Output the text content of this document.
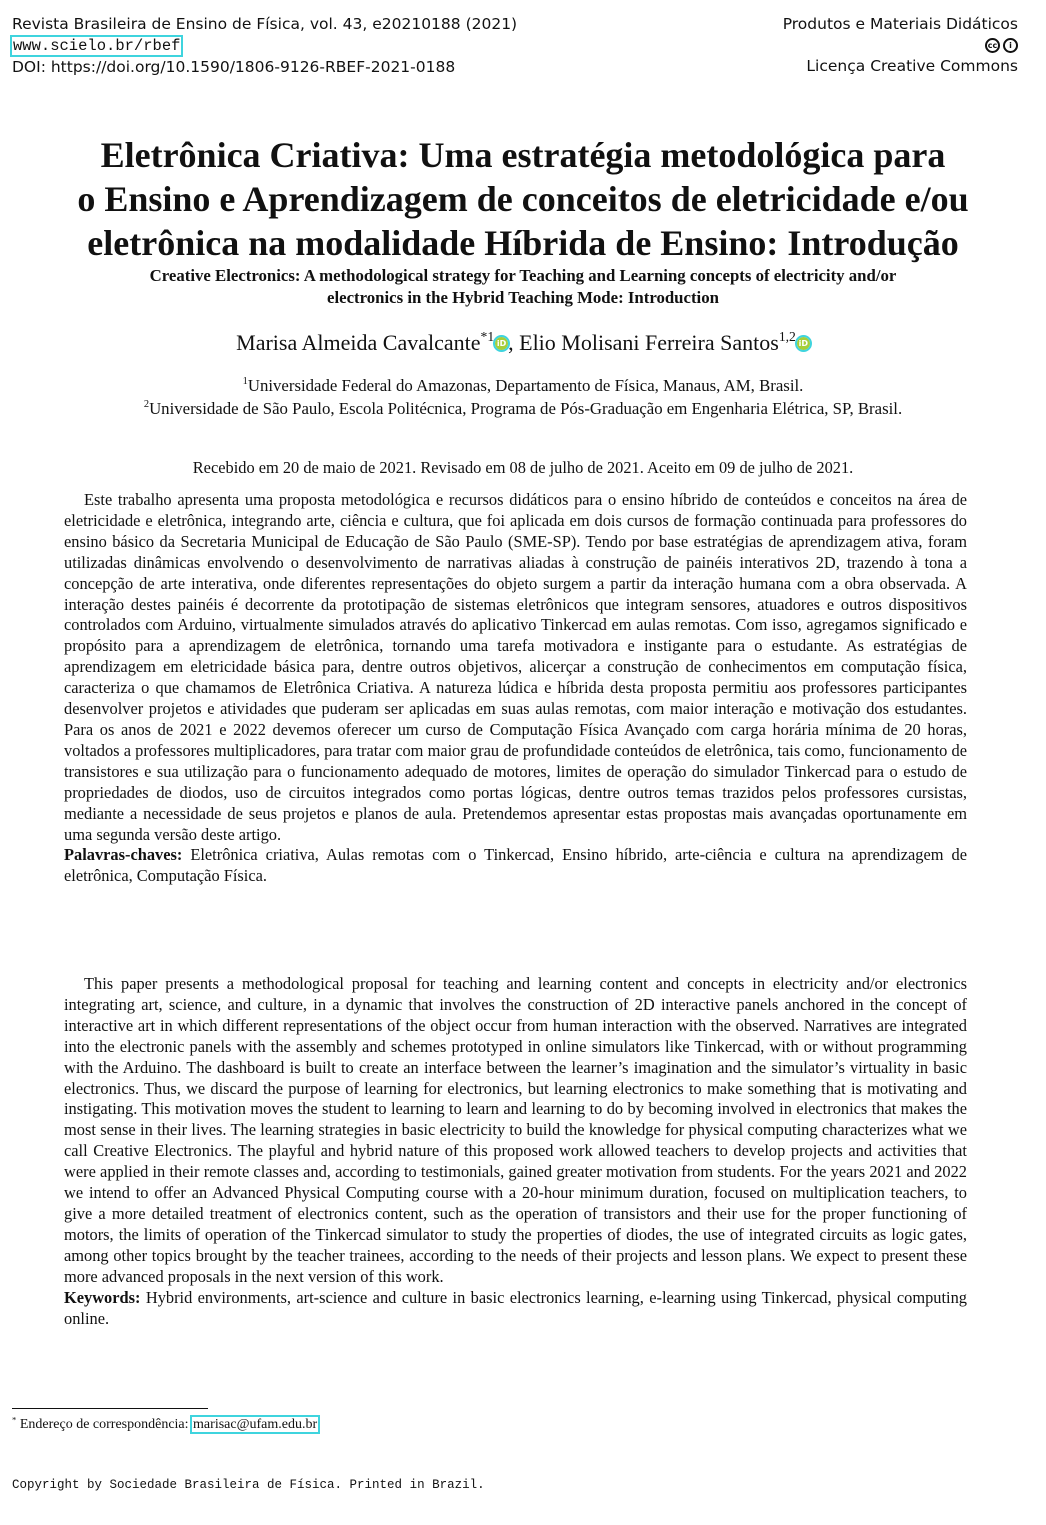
Revista Brasileira de Ensino de Física, vol. 43, e20210188 (2021)
www.scielo.br/rbef
DOI: https://doi.org/10.1590/1806-9126-RBEF-2021-0188
Produtos e Materiais Didáticos
cc	i
Licença Creative Commons
Eletrônica Criativa: Uma estratégia metodológica para
o Ensino e Aprendizagem de conceitos de eletricidade e/ou
eletrônica na modalidade Híbrida de Ensino: Introdução
Creative Electronics: A methodological strategy for Teaching and Learning concepts of electricity and/or
electronics in the Hybrid Teaching Mode: Introduction
Marisa Almeida Cavalcante$^{*1}$ iD, Elio Molisani Ferreira Santos$^{1,2}$ iD
$^1$Universidade Federal do Amazonas, Departamento de Física, Manaus, AM, Brasil.
$^2$Universidade de São Paulo, Escola Politécnica, Programa de Pós-Graduação em Engenharia Elétrica, SP, Brasil.
Recebido em 20 de maio de 2021. Revisado em 08 de julho de 2021. Aceito em 09 de julho de 2021.

Este trabalho apresenta uma proposta metodológica e recursos didáticos para o ensino híbrido de conteúdos e conceitos na área de eletricidade e eletrônica, integrando arte, ciência e cultura, que foi aplicada em dois cursos de formação continuada para professores do ensino básico da Secretaria Municipal de Educação de São Paulo (SME-SP). Tendo por base estratégias de aprendizagem ativa, foram utilizadas dinâmicas envolvendo o desenvolvimento de narrativas aliadas à construção de painéis interativos 2D, trazendo à tona a concepção de arte interativa, onde diferentes representações do objeto surgem a partir da interação humana com a obra observada. A interação destes painéis é decorrente da prototipação de sistemas eletrônicos que integram sensores, atuadores e outros dispositivos controlados com Arduino, virtualmente simulados através do aplicativo Tinkercad em aulas remotas. Com isso, agregamos significado e propósito para a aprendizagem de eletrônica, tornando uma tarefa motivadora e instigante para o estudante. As estratégias de aprendizagem em eletricidade básica para, dentre outros objetivos, alicerçar a construção de conhecimentos em computação física, caracteriza o que chamamos de Eletrônica Criativa. A natureza lúdica e híbrida desta proposta permitiu aos professores participantes desenvolver projetos e atividades que puderam ser aplicadas em suas aulas remotas, com maior interação e motivação dos estudantes. Para os anos de 2021 e 2022 devemos oferecer um curso de Computação Física Avançado com carga horária mínima de 20 horas, voltados a professores multiplicadores, para tratar com maior grau de profundidade conteúdos de eletrônica, tais como, funcionamento de transistores e sua utilização para o funcionamento adequado de motores, limites de operação do simulador Tinkercad para o estudo de propriedades de diodos, uso de circuitos integrados como portas lógicas, dentre outros temas trazidos pelos professores cursistas, mediante a necessidade de seus projetos e planos de aula. Pretendemos apresentar estas propostas mais avançadas oportunamente em uma segunda versão deste artigo.

Palavras-chaves: Eletrônica criativa, Aulas remotas com o Tinkercad, Ensino híbrido, arte-ciência e cultura na aprendizagem de eletrônica, Computação Física.

This paper presents a methodological proposal for teaching and learning content and concepts in electricity and/or electronics integrating art, science, and culture, in a dynamic that involves the construction of 2D interactive panels anchored in the concept of interactive art in which different representations of the object occur from human interaction with the observed. Narratives are integrated into the electronic panels with the assembly and schemes prototyped in online simulators like Tinkercad, with or without programming with the Arduino. The dashboard is built to create an interface between the learner’s imagination and the simulator’s virtuality in basic electronics. Thus, we discard the purpose of learning for electronics, but learning electronics to make something that is motivating and instigating. This motivation moves the student to learning to learn and learning to do by becoming involved in electronics that makes the most sense in their lives. The learning strategies in basic electricity to build the knowledge for physical computing characterizes what we call Creative Electronics. The playful and hybrid nature of this proposed work allowed teachers to develop projects and activities that were applied in their remote classes and, according to testimonials, gained greater motivation from students. For the years 2021 and 2022 we intend to offer an Advanced Physical Computing course with a 20-hour minimum duration, focused on multiplication teachers, to give a more detailed treatment of electronics content, such as the operation of transistors and their use for the proper functioning of motors, the limits of operation of the Tinkercad simulator to study the properties of diodes, the use of integrated circuits as logic gates, among other topics brought by the teacher trainees, according to the needs of their projects and lesson plans. We expect to present these more advanced proposals in the next version of this work.

Keywords: Hybrid environments, art-science and culture in basic electronics learning, e-learning using Tinkercad, physical computing online.
* Endereço de correspondência: marisac@ufam.edu.br
Copyright by Sociedade Brasileira de Física. Printed in Brazil.
